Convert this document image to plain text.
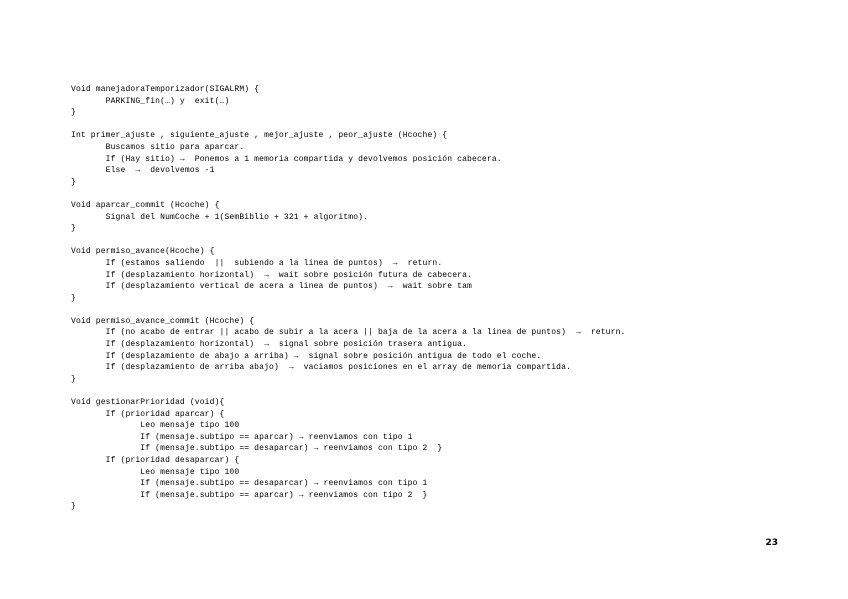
Void manejadoraTemporizador(SIGALRM) {
PARKING_fin(…) y  exit(…)
}
Int primer_ajuste , siguiente_ajuste , mejor_ajuste , peor_ajuste (Hcoche) {
Buscamos sitio para aparcar.
If (Hay sitio) →  Ponemos a 1 memoria compartida y devolvemos posición cabecera.
Else  →  devolvemos -1
}
Void aparcar_commit (Hcoche) {
Signal del NumCoche + 1(SemBiblio + 321 + algoritmo).
}
Void permiso_avance(Hcoche) {
If (estamos saliendo  ||  subiendo a la linea de puntos)  →  return.
If (desplazamiento horizontal)  →  wait sobre posición futura de cabecera.
If (desplazamiento vertical de acera a linea de puntos)  →  wait sobre tam
}
Void permiso_avance_commit (Hcoche) {
If (no acabo de entrar || acabo de subir a la acera || baja de la acera a la linea de puntos)  →  return.
If (desplazamiento horizontal)  →  signal sobre posición trasera antigua.
If (desplazamiento de abajo a arriba) →  signal sobre posición antigua de todo el coche.
If (desplazamiento de arriba abajo)  →  vaciamos posiciones en el array de memoria compartida.
}
Void gestionarPrioridad (void){
If (prioridad aparcar) {
Leo mensaje tipo 100
If (mensaje.subtipo == aparcar) → reenviamos con tipo 1
If (mensaje.subtipo == desaparcar) → reenviamos con tipo 2  }
If (prioridad desaparcar) {
Leo mensaje tipo 100
If (mensaje.subtipo == desaparcar) → reenviamos con tipo 1
If (mensaje.subtipo == aparcar) → reenviamos con tipo 2  }
}
23
